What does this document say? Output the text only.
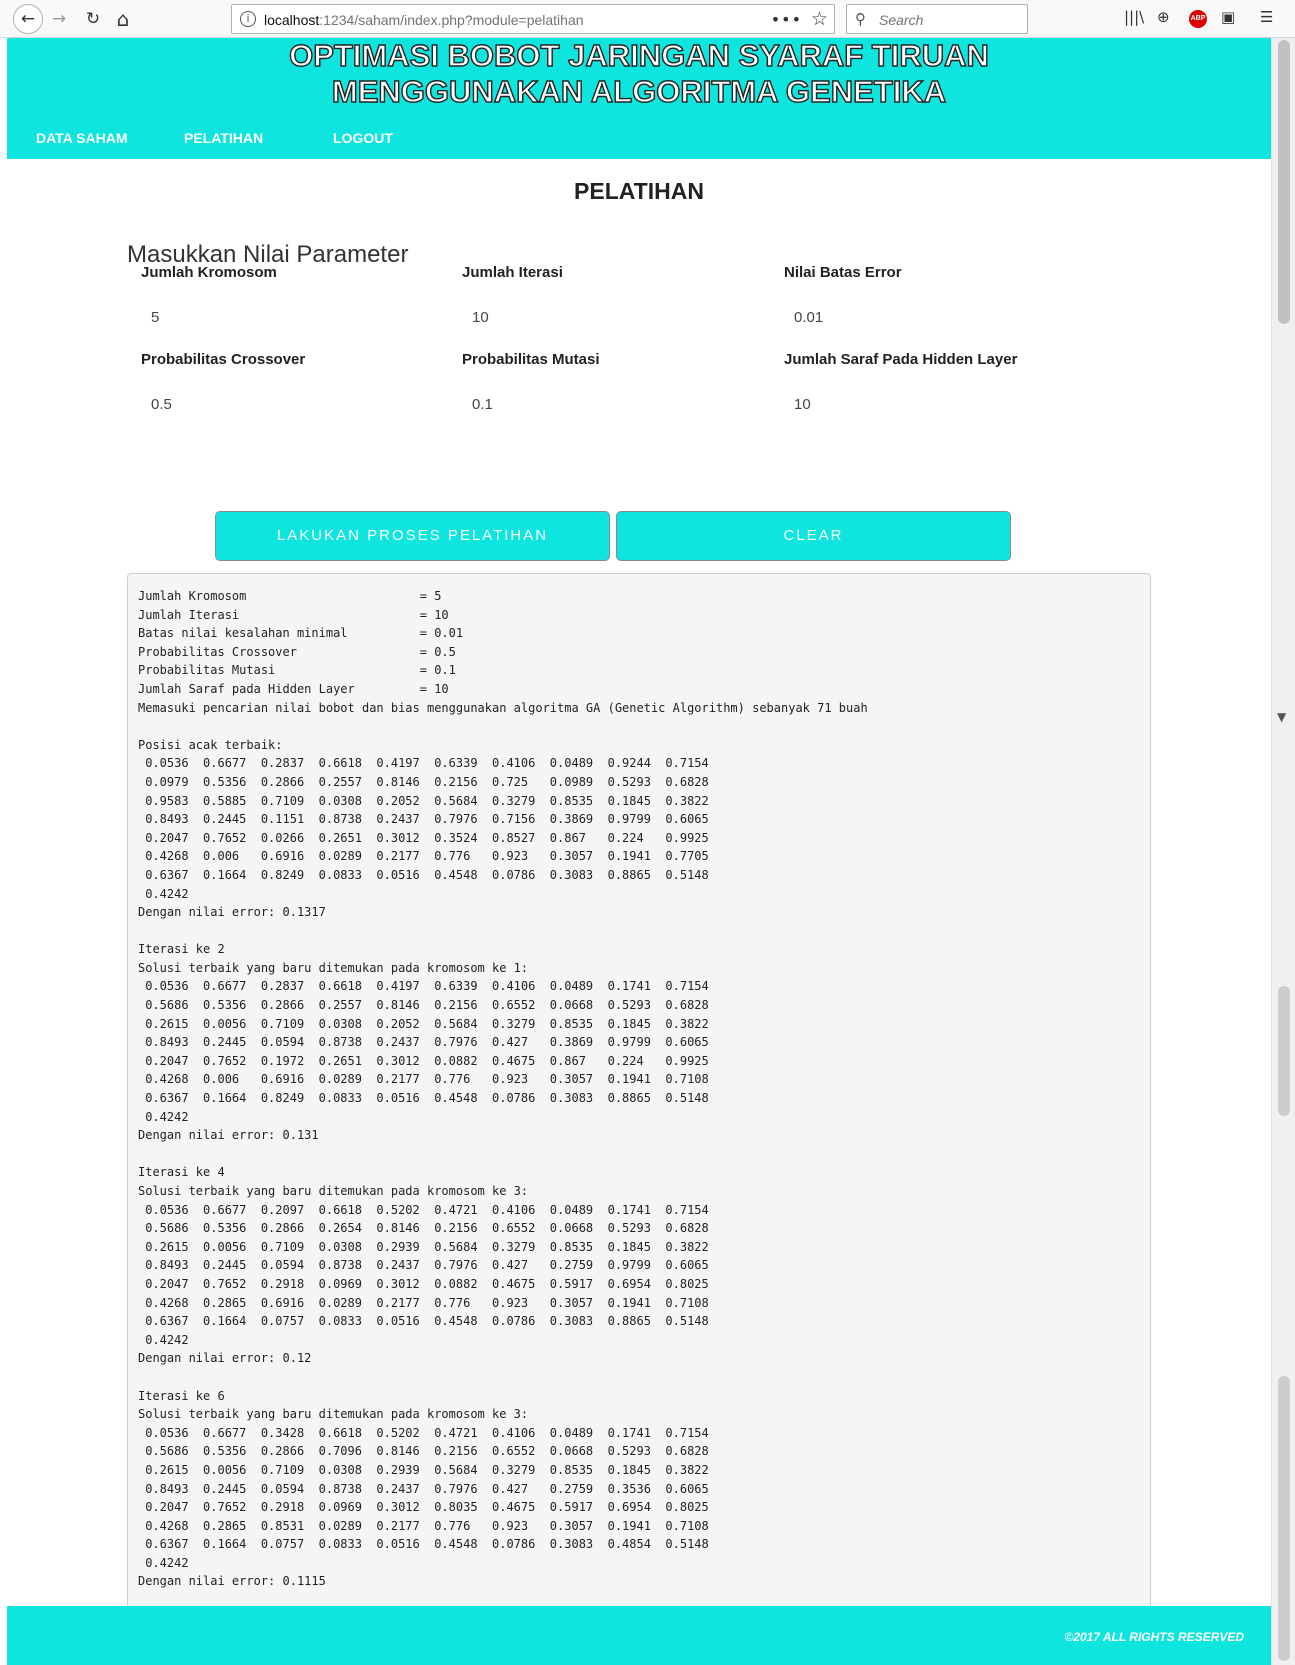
← →	↻ ⌂	i	localhost:1234/saham/index.php?module=pelatihan	••• ☆ ⚲ Search	|||\ ⊕	ABP ▣ ☰
OPTIMASI BOBOT JARINGAN SYARAF TIRUAN
MENGGUNAKAN ALGORITMA GENETIKA
DATA SAHAM	PELATIHAN	LOGOUT
PELATIHAN
Masukkan Nilai Parameter
Jumlah Kromosom
5	Jumlah Iterasi
10	Nilai Batas Error
0.01
Probabilitas Crossover
0.5	Probabilitas Mutasi
0.1	Jumlah Saraf Pada Hidden Layer
10
LAKUKAN PROSES PELATIHAN	CLEAR
Jumlah Kromosom                        = 5
Jumlah Iterasi                         = 10
Batas nilai kesalahan minimal          = 0.01
Probabilitas Crossover                 = 0.5
Probabilitas Mutasi                    = 0.1
Jumlah Saraf pada Hidden Layer         = 10
Memasuki pencarian nilai bobot dan bias menggunakan algoritma GA (Genetic Algorithm) sebanyak 71 buah

Posisi acak terbaik:
0.0536  0.6677  0.2837  0.6618  0.4197  0.6339  0.4106  0.0489  0.9244  0.7154
0.0979  0.5356  0.2866  0.2557  0.8146  0.2156  0.725   0.0989  0.5293  0.6828
0.9583  0.5885  0.7109  0.0308  0.2052  0.5684  0.3279  0.8535  0.1845  0.3822
0.8493  0.2445  0.1151  0.8738  0.2437  0.7976  0.7156  0.3869  0.9799  0.6065
0.2047  0.7652  0.0266  0.2651  0.3012  0.3524  0.8527  0.867   0.224   0.9925
0.4268  0.006   0.6916  0.0289  0.2177  0.776   0.923   0.3057  0.1941  0.7705
0.6367  0.1664  0.8249  0.0833  0.0516  0.4548  0.0786  0.3083  0.8865  0.5148
0.4242
Dengan nilai error: 0.1317

Iterasi ke 2
Solusi terbaik yang baru ditemukan pada kromosom ke 1:
0.0536  0.6677  0.2837  0.6618  0.4197  0.6339  0.4106  0.0489  0.1741  0.7154
0.5686  0.5356  0.2866  0.2557  0.8146  0.2156  0.6552  0.0668  0.5293  0.6828
0.2615  0.0056  0.7109  0.0308  0.2052  0.5684  0.3279  0.8535  0.1845  0.3822
0.8493  0.2445  0.0594  0.8738  0.2437  0.7976  0.427   0.3869  0.9799  0.6065
0.2047  0.7652  0.1972  0.2651  0.3012  0.0882  0.4675  0.867   0.224   0.9925
0.4268  0.006   0.6916  0.0289  0.2177  0.776   0.923   0.3057  0.1941  0.7108
0.6367  0.1664  0.8249  0.0833  0.0516  0.4548  0.0786  0.3083  0.8865  0.5148
0.4242
Dengan nilai error: 0.131

Iterasi ke 4
Solusi terbaik yang baru ditemukan pada kromosom ke 3:
0.0536  0.6677  0.2097  0.6618  0.5202  0.4721  0.4106  0.0489  0.1741  0.7154
0.5686  0.5356  0.2866  0.2654  0.8146  0.2156  0.6552  0.0668  0.5293  0.6828
0.2615  0.0056  0.7109  0.0308  0.2939  0.5684  0.3279  0.8535  0.1845  0.3822
0.8493  0.2445  0.0594  0.8738  0.2437  0.7976  0.427   0.2759  0.9799  0.6065
0.2047  0.7652  0.2918  0.0969  0.3012  0.0882  0.4675  0.5917  0.6954  0.8025
0.4268  0.2865  0.6916  0.0289  0.2177  0.776   0.923   0.3057  0.1941  0.7108
0.6367  0.1664  0.0757  0.0833  0.0516  0.4548  0.0786  0.3083  0.8865  0.5148
0.4242
Dengan nilai error: 0.12

Iterasi ke 6
Solusi terbaik yang baru ditemukan pada kromosom ke 3:
0.0536  0.6677  0.3428  0.6618  0.5202  0.4721  0.4106  0.0489  0.1741  0.7154
0.5686  0.5356  0.2866  0.7096  0.8146  0.2156  0.6552  0.0668  0.5293  0.6828
0.2615  0.0056  0.7109  0.0308  0.2939  0.5684  0.3279  0.8535  0.1845  0.3822
0.8493  0.2445  0.0594  0.8738  0.2437  0.7976  0.427   0.2759  0.3536  0.6065
0.2047  0.7652  0.2918  0.0969  0.3012  0.8035  0.4675  0.5917  0.6954  0.8025
0.4268  0.2865  0.8531  0.0289  0.2177  0.776   0.923   0.3057  0.1941  0.7108
0.6367  0.1664  0.0757  0.0833  0.0516  0.4548  0.0786  0.3083  0.4854  0.5148
0.4242
Dengan nilai error: 0.1115
©2017 ALL RIGHTS RESERVED
▼
